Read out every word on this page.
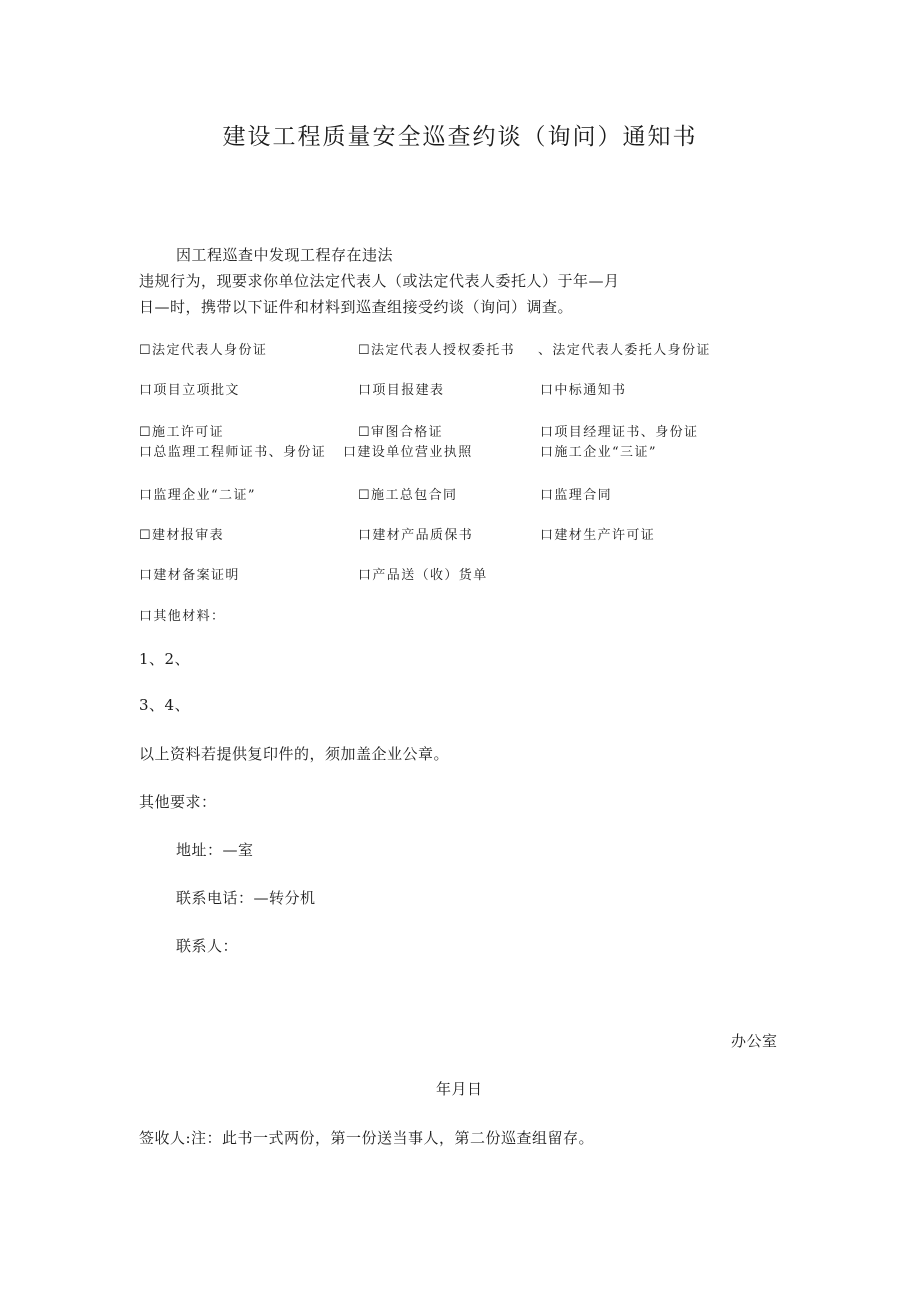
建设工程质量安全巡查约谈（询问）通知书
因工程巡查中发现工程存在违法
违规行为，现要求你单位法定代表人（或法定代表人委托人）于年—月
日—时，携带以下证件和材料到巡查组接受约谈（询问）调查。
☐法定代表人身份证	☐法定代表人授权委托书 、法定代表人委托人身份证
口项目立项批文	口项目报建表	口中标通知书
☐施工许可证	☐审图合格证	口项目经理证书、身份证
口总监理工程师证书、身份证 口建设单位营业执照	口施工企业“三证”
口监理企业“二证”	☐施工总包合同	口监理合同
☐建材报审表	口建材产品质保书	口建材生产许可证
口建材备案证明	口产品送（收）货单
口其他材料：
1、2、
3、4、
以上资料若提供复印件的，须加盖企业公章。
其他要求：
地址：—室
联系电话：—转分机
联系人：
办公室
年月日
签收人:注：此书一式两份，第一份送当事人，第二份巡查组留存。
